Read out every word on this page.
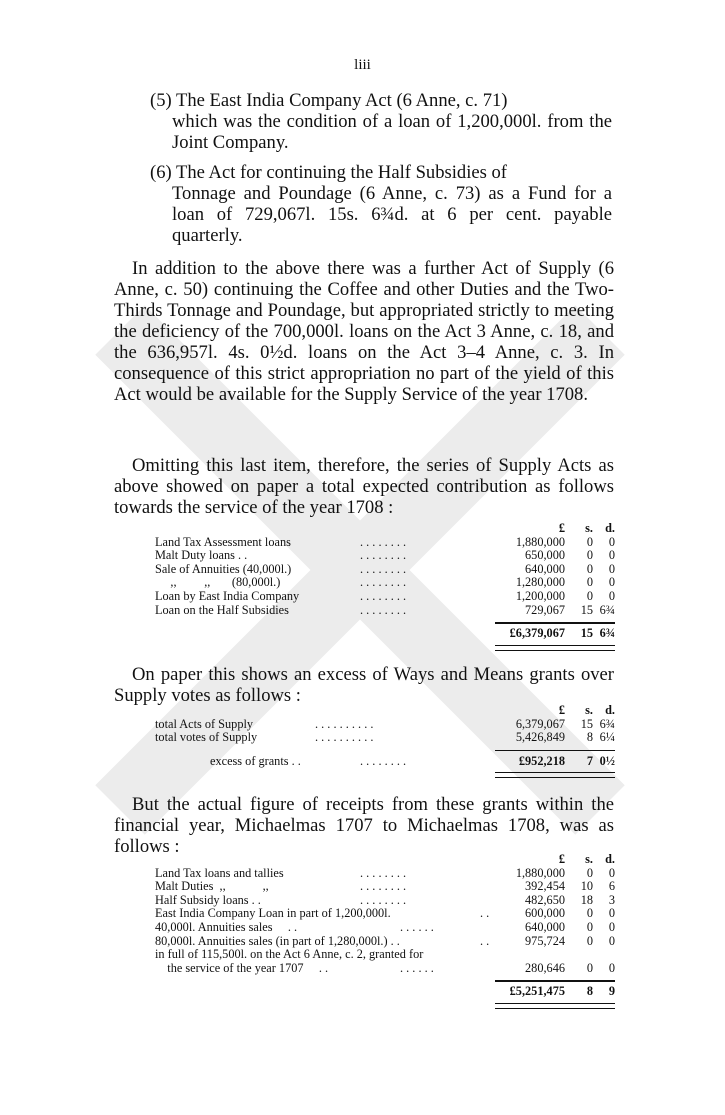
liii
(5) The East India Company Act (6 Anne, c. 71)
which was the condition of a loan of 1,200,000l. from the Joint Company.
(6) The Act for continuing the Half Subsidies of
Tonnage and Poundage (6 Anne, c. 73) as a Fund for a loan of 729,067l. 15s. 6¾d. at 6 per cent. payable quarterly.
In addition to the above there was a further Act of Supply (6 Anne, c. 50) continuing the Coffee and other Duties and the Two-Thirds Tonnage and Poundage, but appropriated strictly to meeting the deficiency of the 700,000l. loans on the Act 3 Anne, c. 18, and the 636,957l. 4s. 0½d. loans on the Act 3–4 Anne, c. 3. In consequence of this strict appropriation no part of the yield of this Act would be available for the Supply Service of the year 1708.
Omitting this last item, therefore, the series of Supply Acts as above showed on paper a total expected contribution as follows towards the service of the year 1708 :
£	s. d.
Land Tax Assessment loans	. . . . . . . .	1,880,000	0	0
Malt Duty loans . .	. . . . . . . .	650,000	0	0
Sale of Annuities (40,000l.)	. . . . . . . .	640,000	0	0
,,         ,,       (80,000l.)	. . . . . . . .	1,280,000	0	0
Loan by East India Company	. . . . . . . .	1,200,000	0	0
Loan on the Half Subsidies	. . . . . . . .	729,067	15 6¾
£6,379,067	15 6¾
On paper this shows an excess of Ways and Means grants over Supply votes as follows :
£	s. d.
total Acts of Supply	. . . . . . . . . .	6,379,067	15 6¾
total votes of Supply	. . . . . . . . . .	5,426,849	8 6¼
excess of grants . .	. . . . . . . .	£952,218	7 0½
But the actual figure of receipts from these grants within the financial year, Michaelmas 1707 to Michaelmas 1708, was as follows :
£	s. d.
Land Tax loans and tallies	. . . . . . . .	1,880,000	0	0
Malt Duties  ,,            ,,	. . . . . . . .	392,454	10	6
Half Subsidy loans . .	. . . . . . . .	482,650	18	3
East India Company Loan in part of 1,200,000l.	. .	600,000	0	0
40,000l. Annuities sales     . .	. . . . . .	640,000	0	0
80,000l. Annuities sales (in part of 1,280,000l.) . .	. .	975,724	0	0
in full of 115,500l. on the Act 6 Anne, c. 2, granted for
the service of the year 1707     . .	. . . . . .	280,646	0	0
£5,251,475	8	9
